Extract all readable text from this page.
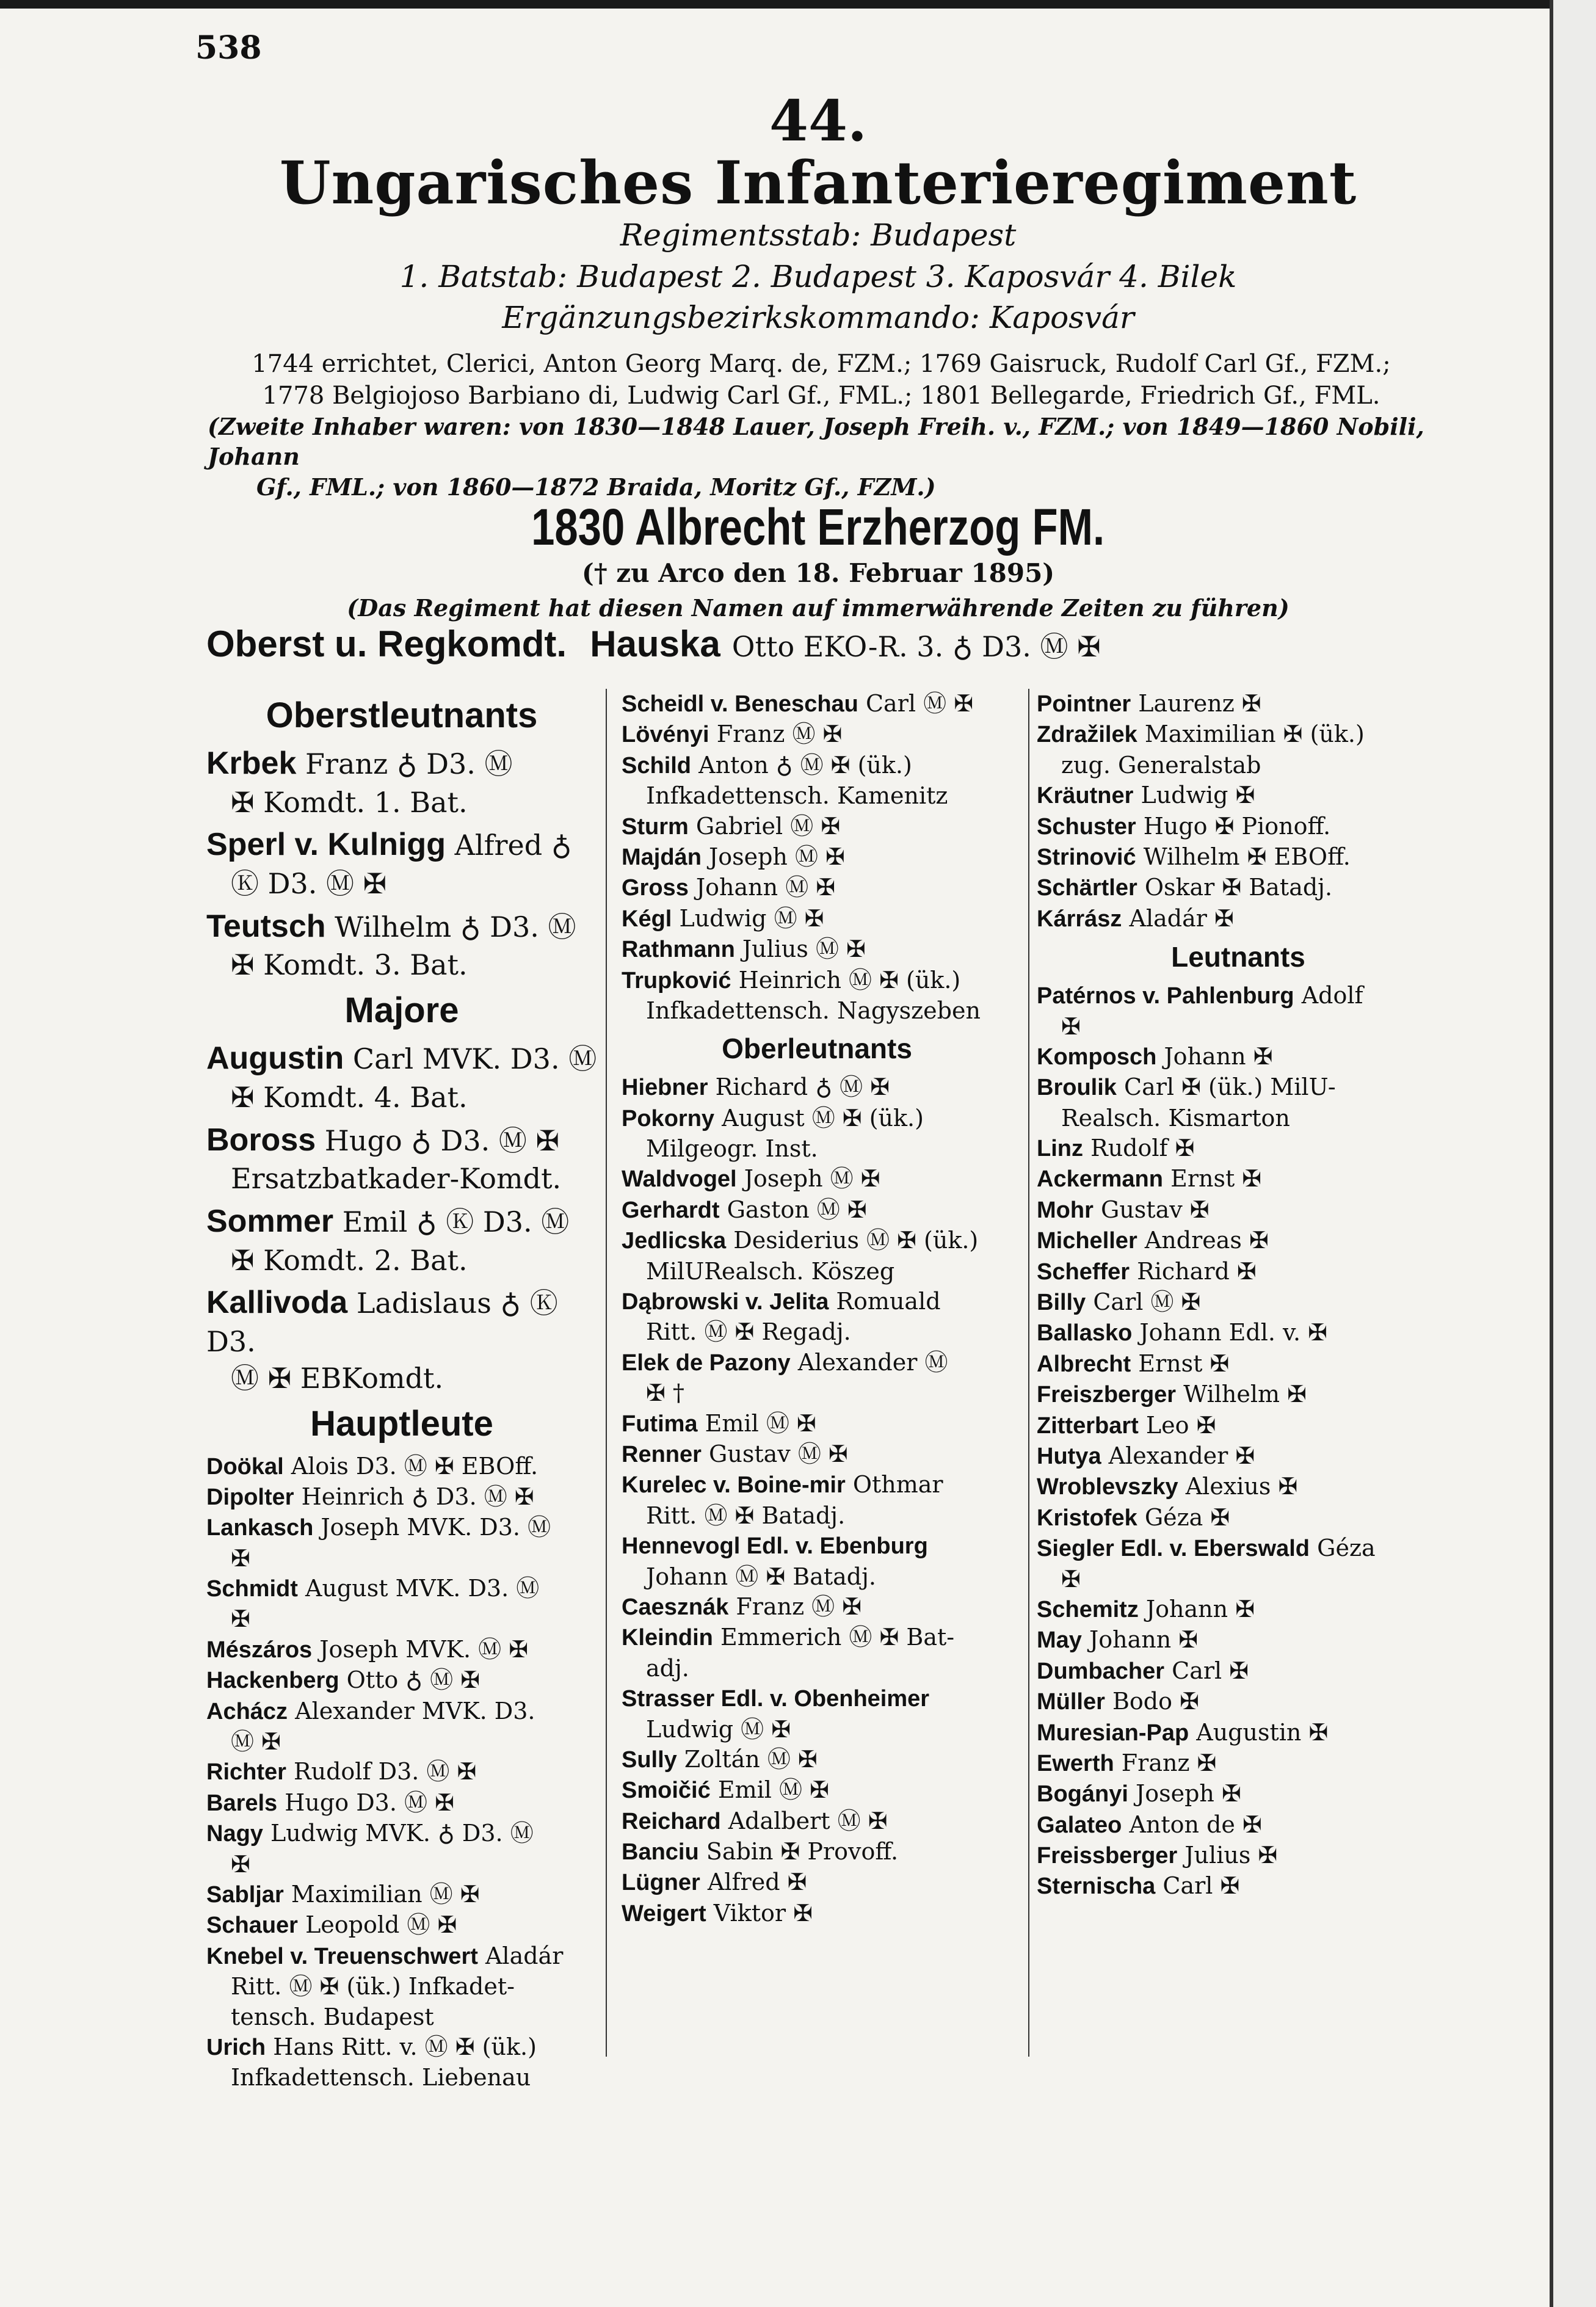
538
44.
Ungarisches Infanterieregiment
Regimentsstab: Budapest
1. Batstab: Budapest 2. Budapest 3. Kaposvár 4. Bilek
Ergänzungsbezirkskommando: Kaposvár
1744 errichtet, Clerici, Anton Georg Marq. de, FZM.; 1769 Gaisruck, Rudolf Carl Gf., FZM.;
1778 Belgiojoso Barbiano di, Ludwig Carl Gf., FML.; 1801 Bellegarde, Friedrich Gf., FML.
(Zweite Inhaber waren: von 1830—1848 Lauer, Joseph Freih. v., FZM.; von 1849—1860 Nobili, Johann
Gf., FML.; von 1860—1872 Braida, Moritz Gf., FZM.)
1830 Albrecht Erzherzog FM.
(† zu Arco den 18. Februar 1895)
(Das Regiment hat diesen Namen auf immerwährende Zeiten zu führen)
Oberst u. Regkomdt. Hauska Otto EKO-R. 3. ♁ D3. Ⓜ ✠
Oberstleutnants
Krbek Franz ♁ D3. Ⓜ
✠ Komdt. 1. Bat.
Sperl v. Kulnigg Alfred ♁
Ⓚ D3. Ⓜ ✠
Teutsch Wilhelm ♁ D3. Ⓜ
✠ Komdt. 3. Bat.
Majore
Augustin Carl MVK. D3. Ⓜ
✠ Komdt. 4. Bat.
Boross Hugo ♁ D3. Ⓜ ✠
Ersatzbatkader-Komdt.
Sommer Emil ♁ Ⓚ D3. Ⓜ
✠ Komdt. 2. Bat.
Kallivoda Ladislaus ♁ Ⓚ D3.
Ⓜ ✠ EBKomdt.
Hauptleute
Doökal Alois D3. Ⓜ ✠ EBOff.
Dipolter Heinrich ♁ D3. Ⓜ ✠
Lankasch Joseph MVK. D3. Ⓜ
✠
Schmidt August MVK. D3. Ⓜ
✠
Mészáros Joseph MVK. Ⓜ ✠
Hackenberg Otto ♁ Ⓜ ✠
Achácz Alexander MVK. D3.
Ⓜ ✠
Richter Rudolf D3. Ⓜ ✠
Barels Hugo D3. Ⓜ ✠
Nagy Ludwig MVK. ♁ D3. Ⓜ
✠
Sabljar Maximilian Ⓜ ✠
Schauer Leopold Ⓜ ✠
Knebel v. Treuenschwert Aladár
Ritt. Ⓜ ✠ (ük.) Infkadet- tensch. Budapest
Urich Hans Ritt. v. Ⓜ ✠ (ük.)
Infkadettensch. Liebenau
Scheidl v. Beneschau Carl Ⓜ ✠
Lövényi Franz Ⓜ ✠
Schild Anton ♁ Ⓜ ✠ (ük.)
Infkadettensch. Kamenitz
Sturm Gabriel Ⓜ ✠
Majdán Joseph Ⓜ ✠
Gross Johann Ⓜ ✠
Kégl Ludwig Ⓜ ✠
Rathmann Julius Ⓜ ✠
Trupković Heinrich Ⓜ ✠ (ük.)
Infkadettensch. Nagyszeben
Oberleutnants
Hiebner Richard ♁ Ⓜ ✠
Pokorny August Ⓜ ✠ (ük.)
Milgeogr. Inst.
Waldvogel Joseph Ⓜ ✠
Gerhardt Gaston Ⓜ ✠
Jedlicska Desiderius Ⓜ ✠ (ük.)
MilURealsch. Köszeg
Dąbrowski v. Jelita Romuald
Ritt. Ⓜ ✠ Regadj.
Elek de Pazony Alexander Ⓜ
✠ †
Futima Emil Ⓜ ✠
Renner Gustav Ⓜ ✠
Kurelec v. Boine-mir Othmar
Ritt. Ⓜ ✠ Batadj.
Hennevogl Edl. v. Ebenburg
Johann Ⓜ ✠ Batadj.
Caesznák Franz Ⓜ ✠
Kleindin Emmerich Ⓜ ✠ Bat-
adj.
Strasser Edl. v. Obenheimer
Ludwig Ⓜ ✠
Sully Zoltán Ⓜ ✠
Smoičić Emil Ⓜ ✠
Reichard Adalbert Ⓜ ✠
Banciu Sabin ✠ Provoff.
Lügner Alfred ✠
Weigert Viktor ✠
Pointner Laurenz ✠
Zdražilek Maximilian ✠ (ük.)
zug. Generalstab
Kräutner Ludwig ✠
Schuster Hugo ✠ Pionoff.
Strinović Wilhelm ✠ EBOff.
Schärtler Oskar ✠ Batadj.
Kárrász Aladár ✠
Leutnants
Patérnos v. Pahlenburg Adolf
✠
Komposch Johann ✠
Broulik Carl ✠ (ük.) MilU-
Realsch. Kismarton
Linz Rudolf ✠
Ackermann Ernst ✠
Mohr Gustav ✠
Micheller Andreas ✠
Scheffer Richard ✠
Billy Carl Ⓜ ✠
Ballasko Johann Edl. v. ✠
Albrecht Ernst ✠
Freiszberger Wilhelm ✠
Zitterbart Leo ✠
Hutya Alexander ✠
Wroblevszky Alexius ✠
Kristofek Géza ✠
Siegler Edl. v. Eberswald Géza
✠
Schemitz Johann ✠
May Johann ✠
Dumbacher Carl ✠
Müller Bodo ✠
Muresian-Pap Augustin ✠
Ewerth Franz ✠
Bogányi Joseph ✠
Galateo Anton de ✠
Freissberger Julius ✠
Sternischa Carl ✠
